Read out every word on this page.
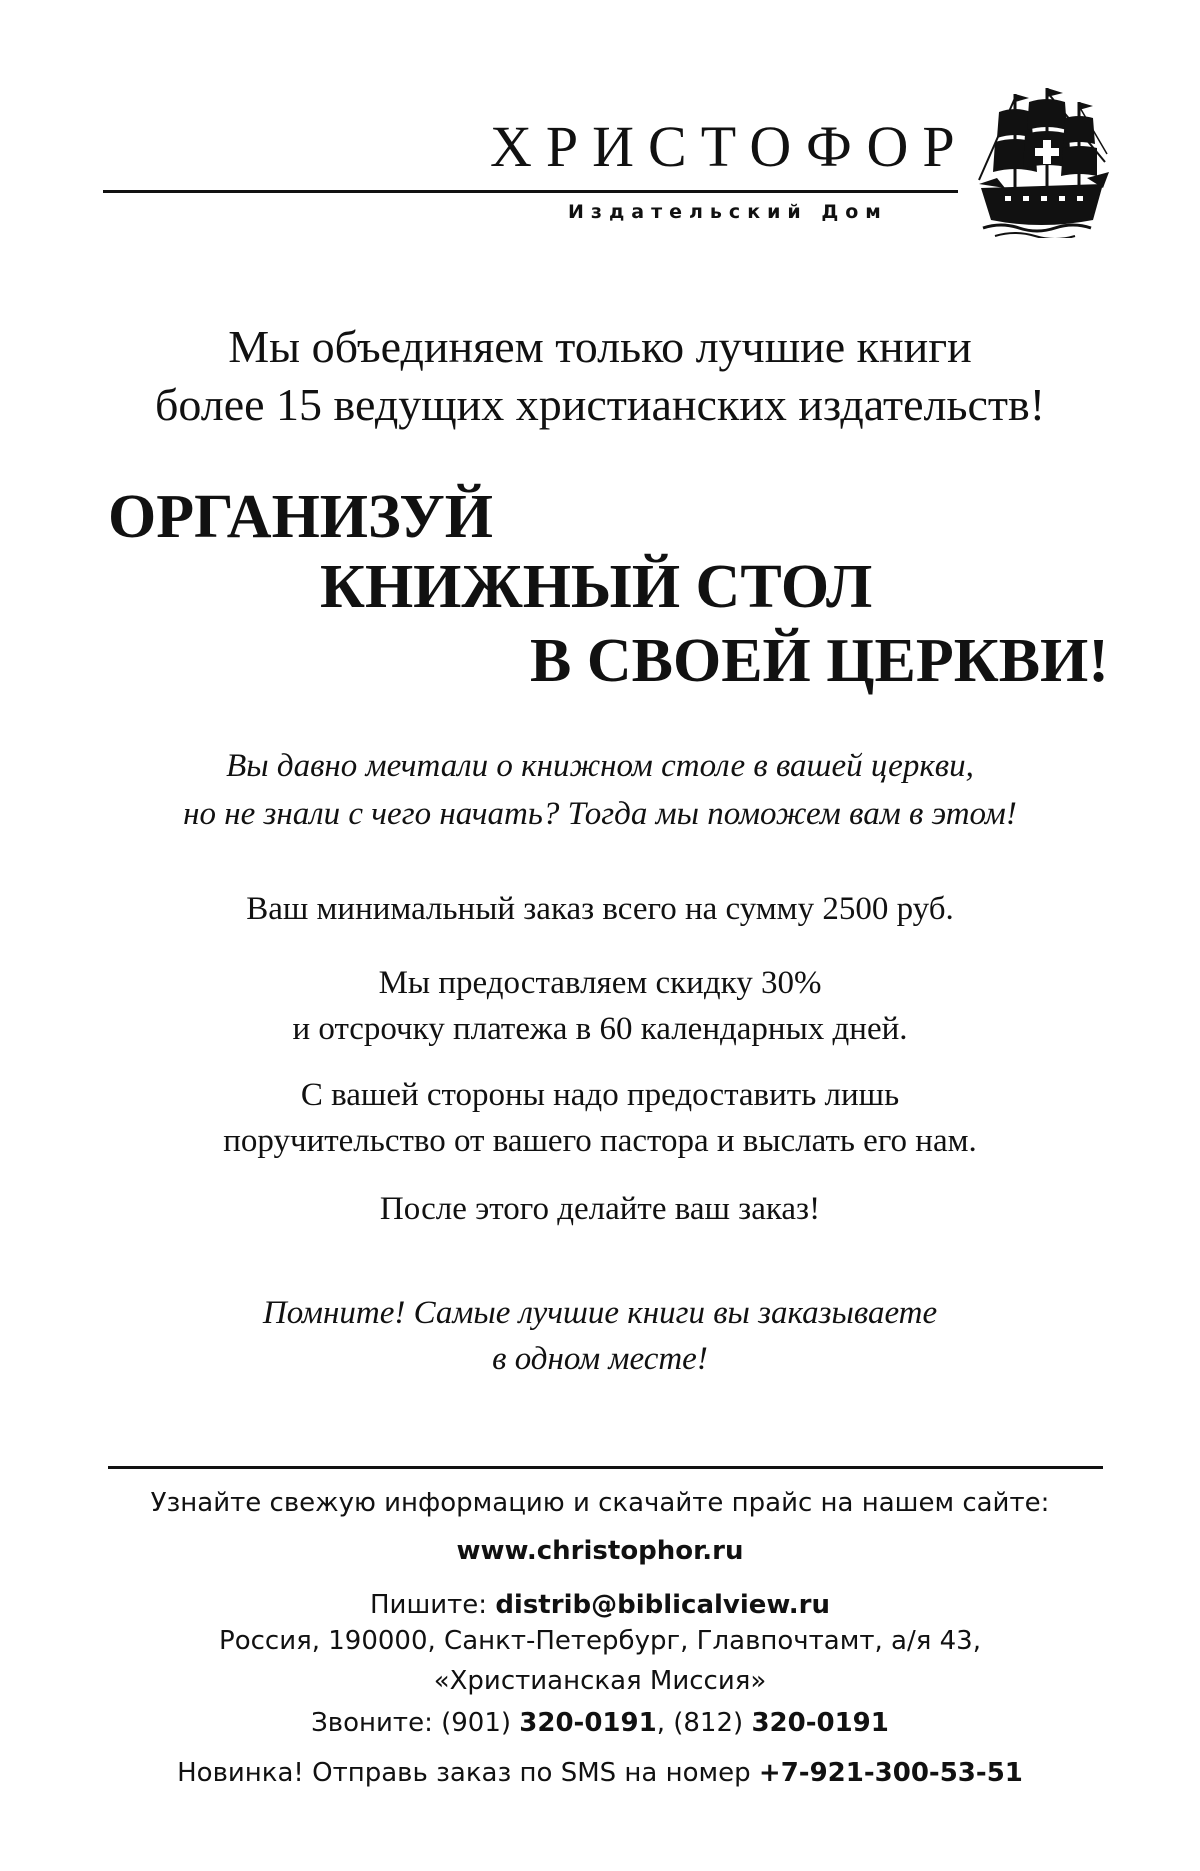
ХРИСТОФОР
Издательский Дом
Мы объединяем только лучшие книги
более 15 ведущих христианских издательств!
ОРГАНИЗУЙ
КНИЖНЫЙ СТОЛ
В СВОЕЙ ЦЕРКВИ!
Вы давно мечтали о книжном столе в вашей церкви,
но не знали с чего начать? Тогда мы поможем вам в этом!
Ваш минимальный заказ всего на сумму 2500 руб.
Мы предоставляем скидку 30%
и отсрочку платежа в 60 календарных дней.
С вашей стороны надо предоставить лишь
поручительство от вашего пастора и выслать его нам.
После этого делайте ваш заказ!
Помните! Самые лучшие книги вы заказываете
в одном месте!
Узнайте свежую информацию и скачайте прайс на нашем сайте:
www.christophor.ru
Пишите: distrib@biblicalview.ru
Россия, 190000, Санкт-Петербург, Главпочтамт, а/я 43,
«Христианская Миссия»
Звоните: (901) 320-0191, (812) 320-0191
Новинка! Отправь заказ по SMS на номер +7-921-300-53-51
